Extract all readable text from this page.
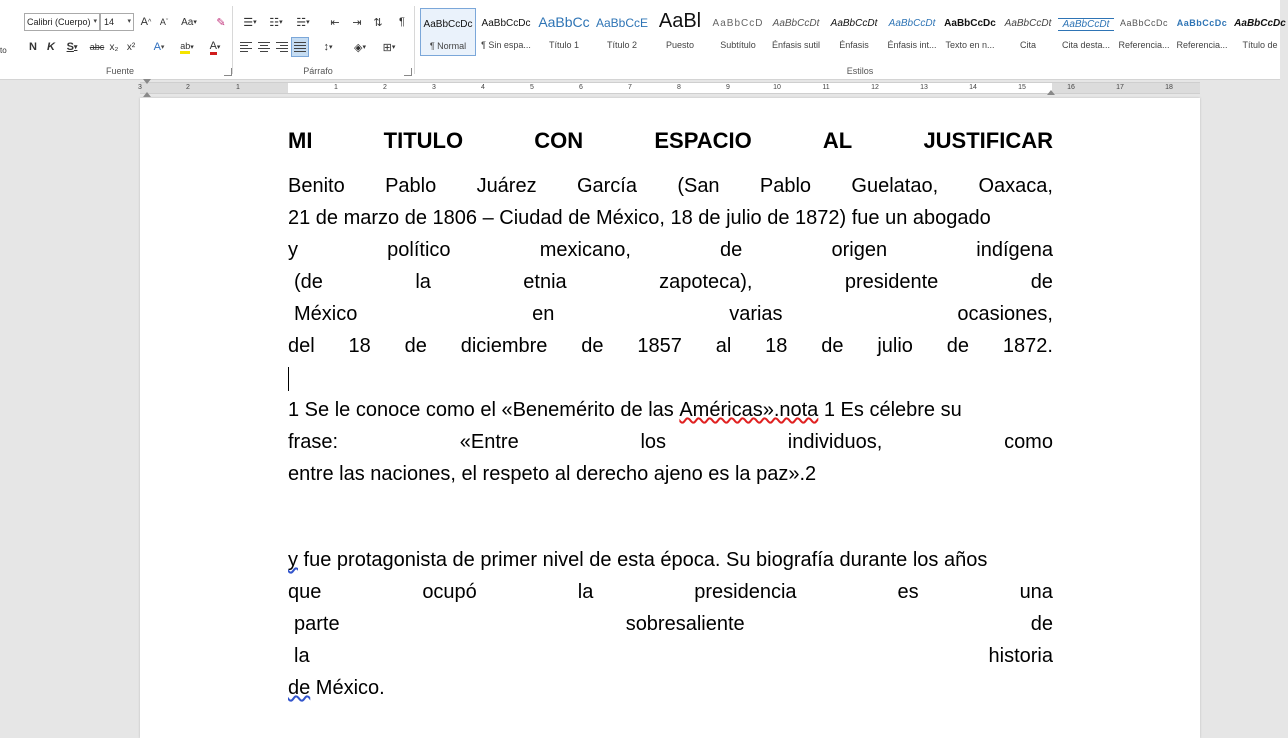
to
Calibri (Cuerpo) ▾ 14 ▾ A ^ A ˇ Aa ▾ ✎
N K S ▾ abc x₂ x² A ▾ ab ▾ A ▾
Fuente
☰ ▾ ☷ ▾ ☵ ▾ ⇤ ⇥ ⇅ ¶
↕ ▾ ◈ ▾ ⊞ ▾
Párrafo
AaBbCcDc
¶ Normal
AaBbCcDc
¶ Sin espa...
AaBbCc
Título 1
AaBbCcE
Título 2
AaBl
Puesto
AaBbCcD
Subtítulo
AaBbCcDt
Énfasis sutil
AaBbCcDt
Énfasis
AaBbCcDt
Énfasis int...
AaBbCcDc
Texto en n...
AaBbCcDt
Cita
AaBbCcDt
Cita desta...
AaBbCcDc
Referencia...
AaBbCcDc
Referencia...
AaBbCcDc
Título de
Estilos
3	2	1	1	2	3	4	5	6	7	8	9	10	11	12	13	14	15	16	17	18
MI	TITULO	CON	ESPACIO	AL	JUSTIFICAR
Benito Pablo Juárez García (San Pablo Guelatao, Oaxaca,
21 de marzo de 1806 – Ciudad de México, 18 de julio de 1872) fue un abogado
y	político	mexicano,	de	origen	indígena
(de	la	etnia	zapoteca),	presidente	de
México	en	varias	ocasiones,
del 18 de diciembre de 1857 al 18 de julio de 1872.
1 Se le conoce como el «Benemérito de las Américas».nota 1 Es célebre su
frase:	«Entre	los	individuos,	como
entre las naciones, el respeto al derecho ajeno es la paz».2
y fue protagonista de primer nivel de esta época. Su biografía durante los años
que	ocupó	la	presidencia	es	una
parte	sobresaliente	de
la	historia
de México.
